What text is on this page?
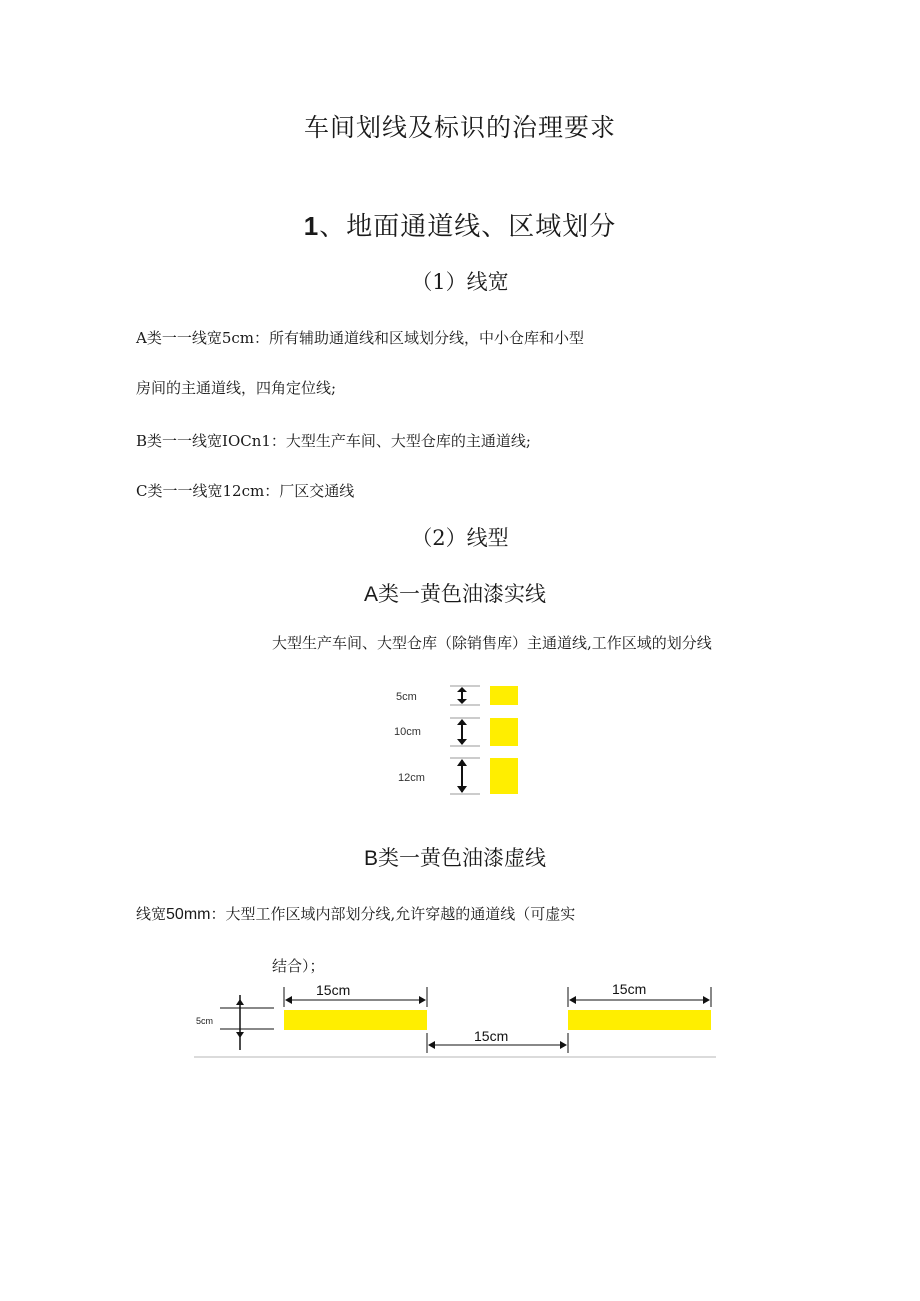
车间划线及标识的治理要求
1、地面通道线、区域划分
（1）线宽
A类一一线宽5cm：所有辅助通道线和区域划分线，中小仓库和小型
房间的主通道线，四角定位线;
B类一一线宽IOCn1：大型生产车间、大型仓库的主通道线;
C类一一线宽12cm：厂区交通线
（2）线型
A类一黄色油漆实线
大型生产车间、大型仓库（除销售库）主通道线,工作区域的划分线
5cm
10cm
12cm
B类一黄色油漆虚线
线宽50mm：大型工作区域内部划分线,允许穿越的通道线（可虚实
结合）；
5cm
15cm	15cm
15cm
